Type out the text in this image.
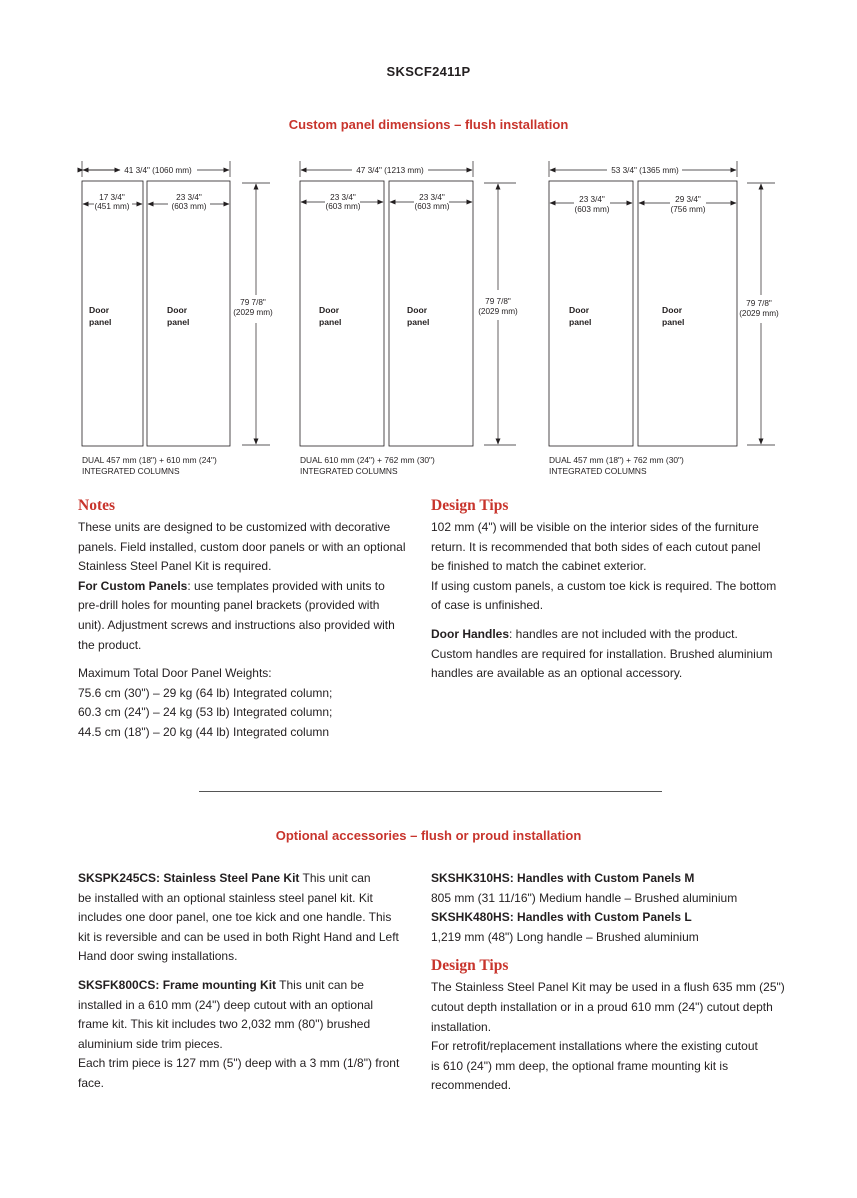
SKSCF2411P
Custom panel dimensions – flush installation
41 3/4" (1060 mm)
17 3/4"
(451 mm)
23 3/4"
(603 mm)
Door
panel
Door
panel
79 7/8"
(2029 mm)
DUAL 457 mm (18") + 610 mm (24")
INTEGRATED COLUMNS
47 3/4" (1213 mm)
23 3/4"
(603 mm)
23 3/4"
(603 mm)
Door
panel
Door
panel
79 7/8"
(2029 mm)
DUAL 610 mm (24") + 762 mm (30")
INTEGRATED COLUMNS
53 3/4" (1365 mm)
23 3/4"
(603 mm)
29 3/4"
(756 mm)
Door
panel
Door
panel
79 7/8"
(2029 mm)
DUAL 457 mm (18") + 762 mm (30")
INTEGRATED COLUMNS
Notes

These units are designed to be customized with decorative

panels. Field installed, custom door panels or with an optional

Stainless Steel Panel Kit is required.

For Custom Panels: use templates provided with units to

pre-drill holes for mounting panel brackets (provided with

unit). Adjustment screws and instructions also provided with

the product.

Maximum Total Door Panel Weights:

75.6 cm (30") – 29 kg (64 lb) Integrated column;

60.3 cm (24") – 24 kg (53 lb) Integrated column;

44.5 cm (18") – 20 kg (44 lb) Integrated column

Design Tips

102 mm (4") will be visible on the interior sides of the furniture

return. It is recommended that both sides of each cutout panel

be finished to match the cabinet exterior.

If using custom panels, a custom toe kick is required. The bottom

of case is unfinished.

Door Handles: handles are not included with the product.

Custom handles are required for installation. Brushed aluminium

handles are available as an optional accessory.

Optional accessories – flush or proud installation

SKSPK245CS: Stainless Steel Pane Kit This unit can

be installed with an optional stainless steel panel kit. Kit

includes one door panel, one toe kick and one handle. This

kit is reversible and can be used in both Right Hand and Left

Hand door swing installations.

SKSFK800CS: Frame mounting Kit This unit can be

installed in a 610 mm (24") deep cutout with an optional

frame kit. This kit includes two 2,032 mm (80") brushed

aluminium side trim pieces.

Each trim piece is 127 mm (5") deep with a 3 mm (1/8") front

face.

SKSHK310HS: Handles with Custom Panels M

805 mm (31 11/16") Medium handle – Brushed aluminium

SKSHK480HS: Handles with Custom Panels L

1,219 mm (48") Long handle – Brushed aluminium

Design Tips

The Stainless Steel Panel Kit may be used in a flush 635 mm (25")

cutout depth installation or in a proud 610 mm (24") cutout depth

installation.

For retrofit/replacement installations where the existing cutout

is 610 (24") mm deep, the optional frame mounting kit is

recommended.
